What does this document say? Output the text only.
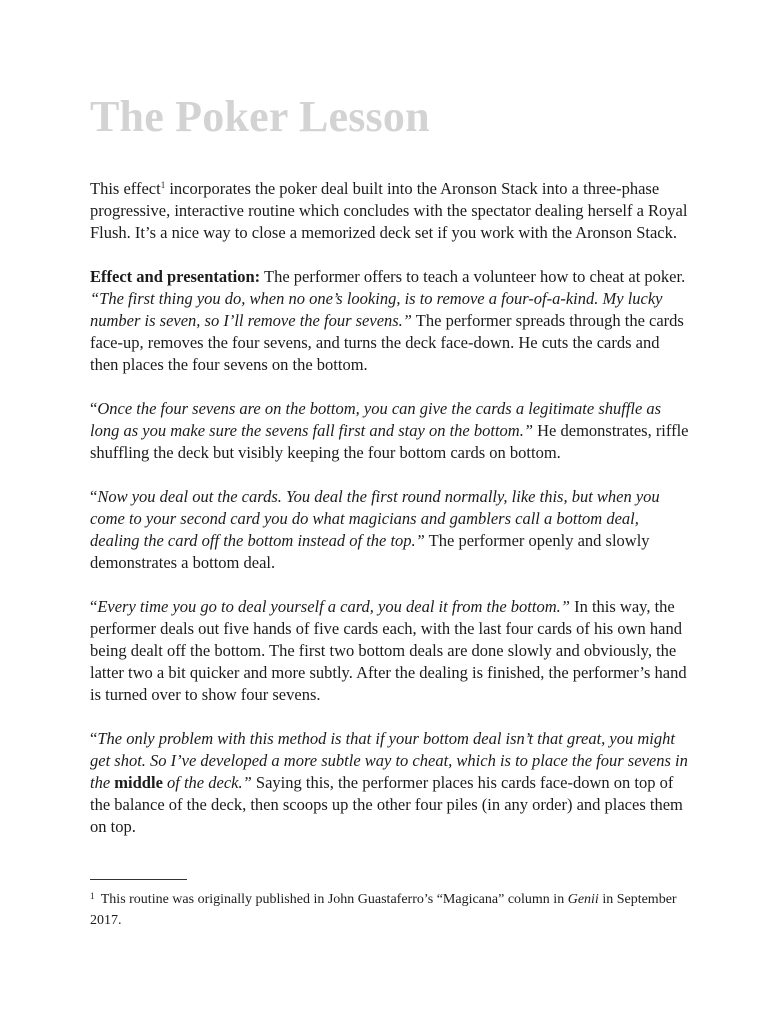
The Poker Lesson

This effect$^1$ incorporates the poker deal built into the Aronson Stack into a three-phase progressive, interactive routine which concludes with the spectator dealing herself a Royal Flush. It’s a nice way to close a memorized deck set if you work with the Aronson Stack.

Effect and presentation: The performer offers to teach a volunteer how to cheat at poker. “The first thing you do, when no one’s looking, is to remove a four-of-a-kind. My lucky number is seven, so I’ll remove the four sevens.” The performer spreads through the cards face-up, removes the four sevens, and turns the deck face-down. He cuts the cards and then places the four sevens on the bottom.

“Once the four sevens are on the bottom, you can give the cards a legitimate shuffle as long as you make sure the sevens fall first and stay on the bottom.” He demonstrates, riffle shuffling the deck but visibly keeping the four bottom cards on bottom.

“Now you deal out the cards. You deal the first round normally, like this, but when you come to your second card you do what magicians and gamblers call a bottom deal, dealing the card off the bottom instead of the top.” The performer openly and slowly demonstrates a bottom deal.

“Every time you go to deal yourself a card, you deal it from the bottom.” In this way, the performer deals out five hands of five cards each, with the last four cards of his own hand being dealt off the bottom. The first two bottom deals are done slowly and obviously, the latter two a bit quicker and more subtly. After the dealing is finished, the performer’s hand is turned over to show four sevens.

“The only problem with this method is that if your bottom deal isn’t that great, you might get shot. So I’ve developed a more subtle way to cheat, which is to place the four sevens in the middle of the deck.” Saying this, the performer places his cards face-down on top of the balance of the deck, then scoops up the other four piles (in any order) and places them on top.

$^1$ This routine was originally published in John Guastaferro’s “Magicana” column in Genii in September 2017.
